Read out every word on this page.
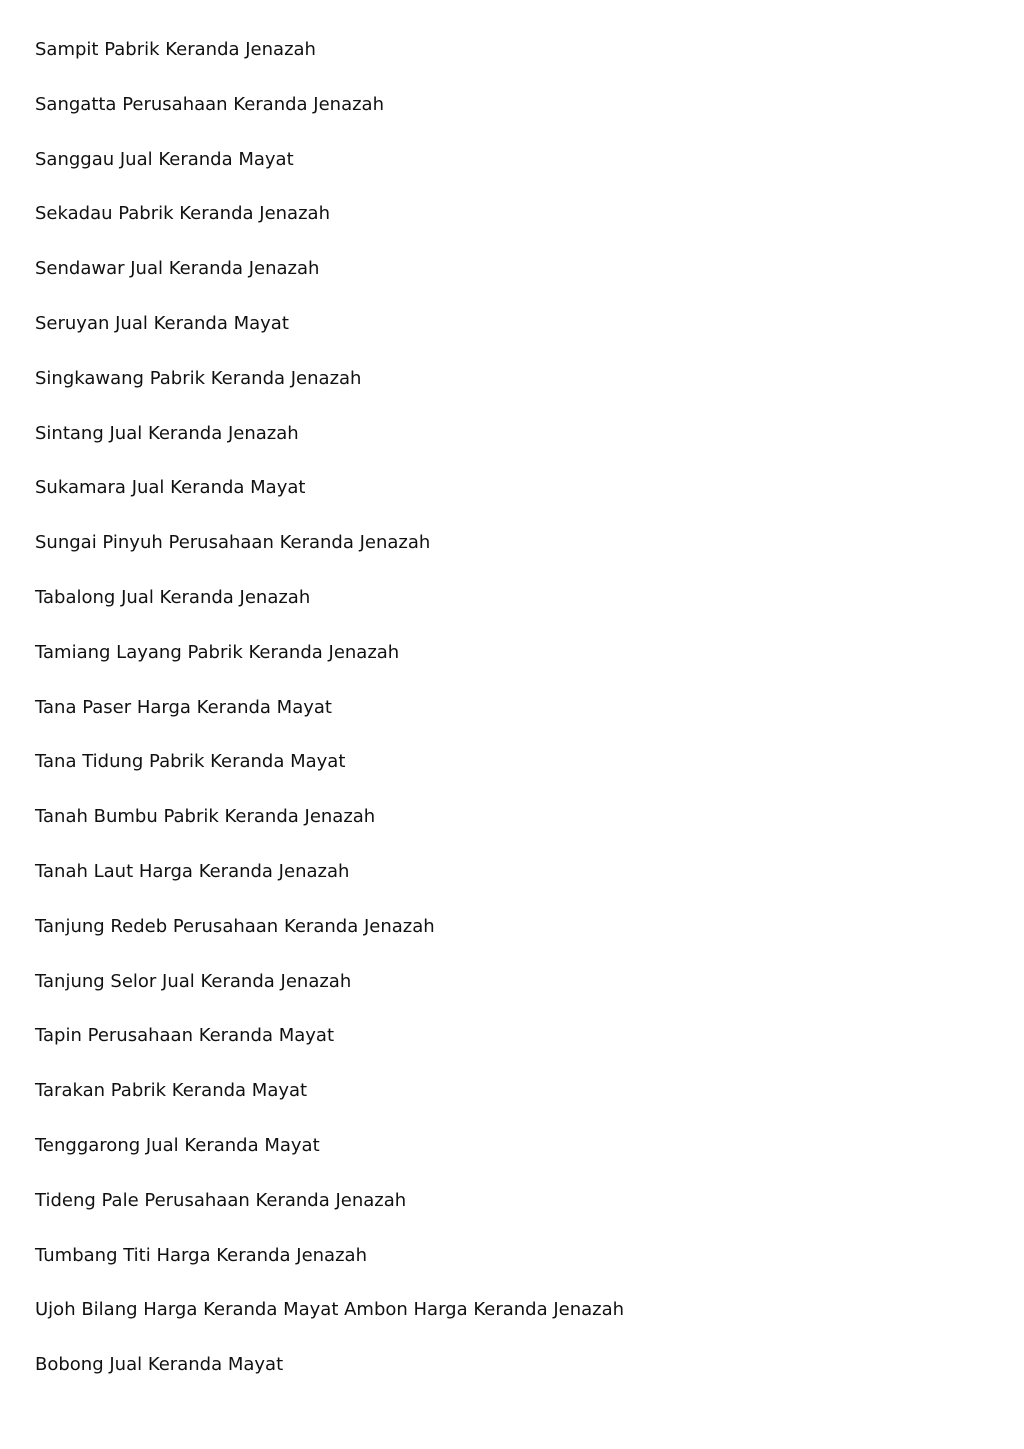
Sampit Pabrik Keranda Jenazah
Sangatta Perusahaan Keranda Jenazah
Sanggau Jual Keranda Mayat
Sekadau Pabrik Keranda Jenazah
Sendawar Jual Keranda Jenazah
Seruyan Jual Keranda Mayat
Singkawang Pabrik Keranda Jenazah
Sintang Jual Keranda Jenazah
Sukamara Jual Keranda Mayat
Sungai Pinyuh Perusahaan Keranda Jenazah
Tabalong Jual Keranda Jenazah
Tamiang Layang Pabrik Keranda Jenazah
Tana Paser Harga Keranda Mayat
Tana Tidung Pabrik Keranda Mayat
Tanah Bumbu Pabrik Keranda Jenazah
Tanah Laut Harga Keranda Jenazah
Tanjung Redeb Perusahaan Keranda Jenazah
Tanjung Selor Jual Keranda Jenazah
Tapin Perusahaan Keranda Mayat
Tarakan Pabrik Keranda Mayat
Tenggarong Jual Keranda Mayat
Tideng Pale Perusahaan Keranda Jenazah
Tumbang Titi Harga Keranda Jenazah
Ujoh Bilang Harga Keranda Mayat Ambon Harga Keranda Jenazah
Bobong Jual Keranda Mayat
